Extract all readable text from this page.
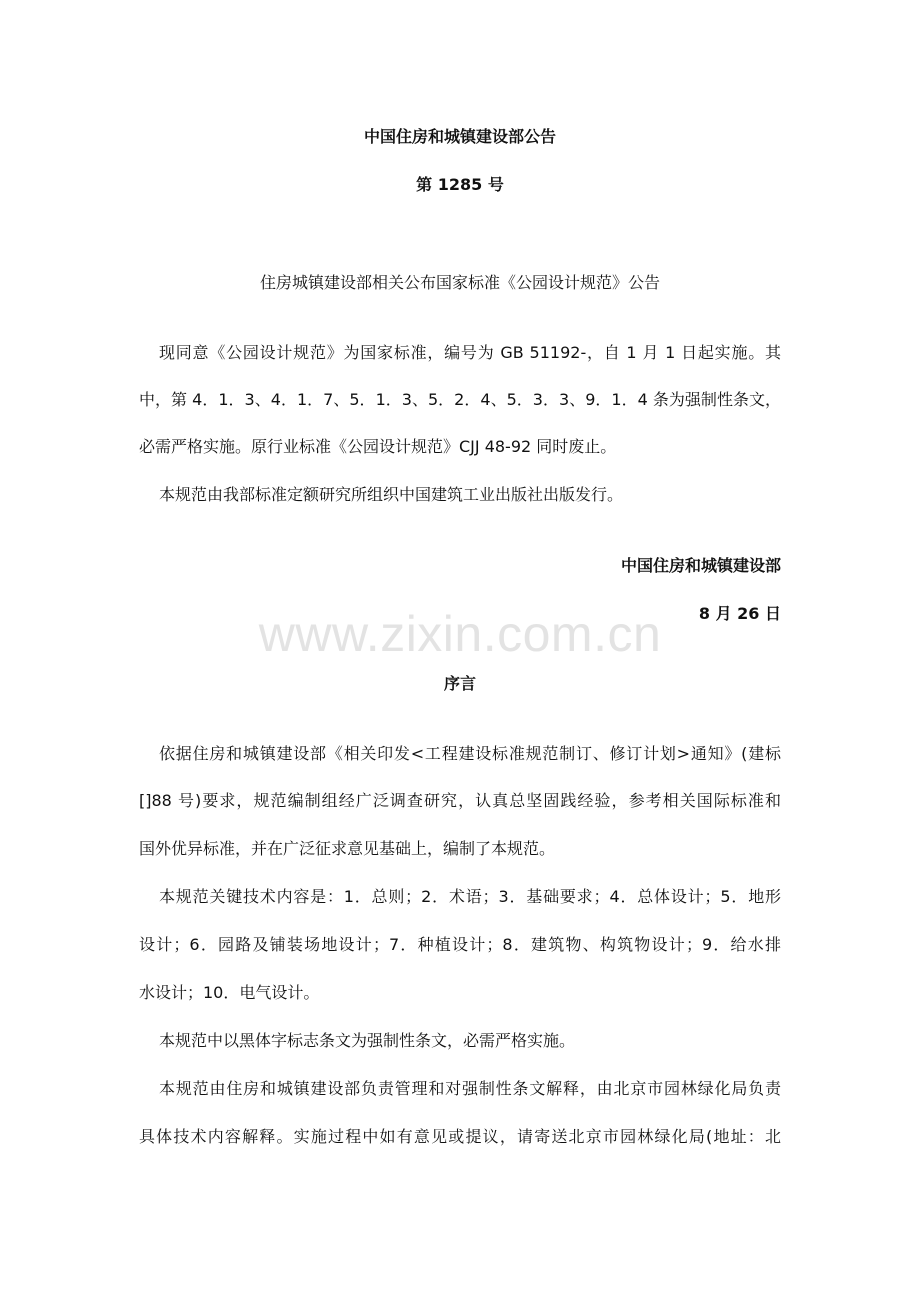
www.zixin.com.cn

中国住房和城镇建设部公告

第 1285 号

住房城镇建设部相关公布国家标准《公园设计规范》公告

现同意《公园设计规范》为国家标准，编号为 GB 51192-，自 1 月 1 日起实施。其

中，第 4．1．3、4．1．7、5．1．3、5．2．4、5．3．3、9．1．4 条为强制性条文，

必需严格实施。原行业标准《公园设计规范》CJJ 48-92 同时废止。

本规范由我部标准定额研究所组织中国建筑工业出版社出版发行。

中国住房和城镇建设部

8 月 26 日

序言

依据住房和城镇建设部《相关印发<工程建设标准规范制订、修订计划>通知》(建标

[]88 号)要求，规范编制组经广泛调查研究，认真总坚固践经验，参考相关国际标准和

国外优异标准，并在广泛征求意见基础上，编制了本规范。

本规范关键技术内容是：1．总则；2．术语；3．基础要求；4．总体设计；5．地形

设计；6．园路及铺装场地设计；7．种植设计；8．建筑物、构筑物设计；9．给水排

水设计；10．电气设计。

本规范中以黑体字标志条文为强制性条文，必需严格实施。

本规范由住房和城镇建设部负责管理和对强制性条文解释，由北京市园林绿化局负责

具体技术内容解释。实施过程中如有意见或提议，请寄送北京市园林绿化局(地址：北
